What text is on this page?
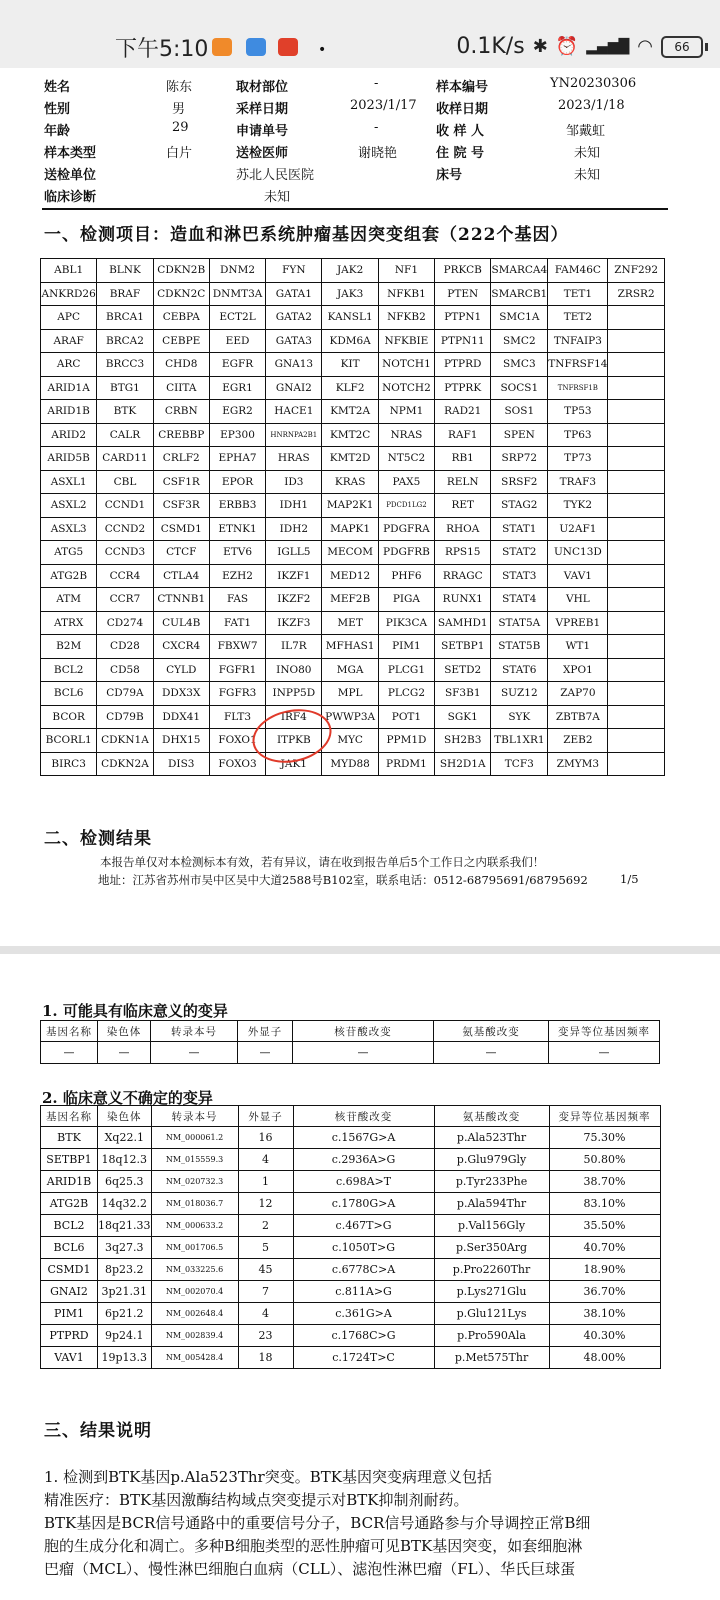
下午5:10	•	0.1K/s ✱ ⏰ ▂▄▆█ ◠	66
姓名	陈东	取材部位	-	样本编号	YN20230306
性别	男	采样日期	2023/1/17 收样日期	2023/1/18
年龄	29	申请单号	-	收 样 人	邹戴虹
样本类型	白片	送检医师	谢晓艳	住 院 号	未知
送检单位	苏北人民医院	床号	未知
临床诊断	未知
一、检测项目：造血和淋巴系统肿瘤基因突变组套（222个基因）
ABL1	BLNK	CDKN2B	DNM2	FYN	JAK2	NF1	PRKCB	SMARCA4	FAM46C	ZNF292
ANKRD26	BRAF	CDKN2C	DNMT3A	GATA1	JAK3	NFKB1	PTEN	SMARCB1	TET1	ZRSR2
APC	BRCA1	CEBPA	ECT2L	GATA2	KANSL1	NFKB2	PTPN1	SMC1A	TET2	
ARAF	BRCA2	CEBPE	EED	GATA3	KDM6A	NFKBIE	PTPN11	SMC2	TNFAIP3	
ARC	BRCC3	CHD8	EGFR	GNA13	KIT	NOTCH1	PTPRD	SMC3	TNFRSF14	
ARID1A	BTG1	CIITA	EGR1	GNAI2	KLF2	NOTCH2	PTPRK	SOCS1	TNFRSF1B	
ARID1B	BTK	CRBN	EGR2	HACE1	KMT2A	NPM1	RAD21	SOS1	TP53	
ARID2	CALR	CREBBP	EP300	HNRNPA2B1	KMT2C	NRAS	RAF1	SPEN	TP63	
ARID5B	CARD11	CRLF2	EPHA7	HRAS	KMT2D	NT5C2	RB1	SRP72	TP73	
ASXL1	CBL	CSF1R	EPOR	ID3	KRAS	PAX5	RELN	SRSF2	TRAF3	
ASXL2	CCND1	CSF3R	ERBB3	IDH1	MAP2K1	PDCD1LG2	RET	STAG2	TYK2	
ASXL3	CCND2	CSMD1	ETNK1	IDH2	MAPK1	PDGFRA	RHOA	STAT1	U2AF1	
ATG5	CCND3	CTCF	ETV6	IGLL5	MECOM	PDGFRB	RPS15	STAT2	UNC13D	
ATG2B	CCR4	CTLA4	EZH2	IKZF1	MED12	PHF6	RRAGC	STAT3	VAV1	
ATM	CCR7	CTNNB1	FAS	IKZF2	MEF2B	PIGA	RUNX1	STAT4	VHL	
ATRX	CD274	CUL4B	FAT1	IKZF3	MET	PIK3CA	SAMHD1	STAT5A	VPREB1	
B2M	CD28	CXCR4	FBXW7	IL7R	MFHAS1	PIM1	SETBP1	STAT5B	WT1	
BCL2	CD58	CYLD	FGFR1	INO80	MGA	PLCG1	SETD2	STAT6	XPO1	
BCL6	CD79A	DDX3X	FGFR3	INPP5D	MPL	PLCG2	SF3B1	SUZ12	ZAP70	
BCOR	CD79B	DDX41	FLT3	IRF4	PWWP3A	POT1	SGK1	SYK	ZBTB7A	
BCORL1	CDKN1A	DHX15	FOXO1	ITPKB	MYC	PPM1D	SH2B3	TBL1XR1	ZEB2	
BIRC3	CDKN2A	DIS3	FOXO3	JAK1	MYD88	PRDM1	SH2D1A	TCF3	ZMYM3	
二、检测结果
本报告单仅对本检测标本有效，若有异议，请在收到报告单后5个工作日之内联系我们！
地址：江苏省苏州市吴中区吴中大道2588号B102室，联系电话：0512-68795691/68795692	1/5
1. 可能具有临床意义的变异
基因名称	染色体	转录本号	外显子	核苷酸改变	氨基酸改变	变异等位基因频率
—	—	—	—	—	—	—
2. 临床意义不确定的变异
基因名称	染色体	转录本号	外显子	核苷酸改变	氨基酸改变	变异等位基因频率
BTK	Xq22.1	NM_000061.2	16	c.1567G>A	p.Ala523Thr	75.30%
SETBP1	18q12.3	NM_015559.3	4	c.2936A>G	p.Glu979Gly	50.80%
ARID1B	6q25.3	NM_020732.3	1	c.698A>T	p.Tyr233Phe	38.70%
ATG2B	14q32.2	NM_018036.7	12	c.1780G>A	p.Ala594Thr	83.10%
BCL2	18q21.33	NM_000633.2	2	c.467T>G	p.Val156Gly	35.50%
BCL6	3q27.3	NM_001706.5	5	c.1050T>G	p.Ser350Arg	40.70%
CSMD1	8p23.2	NM_033225.6	45	c.6778C>A	p.Pro2260Thr	18.90%
GNAI2	3p21.31	NM_002070.4	7	c.811A>G	p.Lys271Glu	36.70%
PIM1	6p21.2	NM_002648.4	4	c.361G>A	p.Glu121Lys	38.10%
PTPRD	9p24.1	NM_002839.4	23	c.1768C>G	p.Pro590Ala	40.30%
VAV1	19p13.3	NM_005428.4	18	c.1724T>C	p.Met575Thr	48.00%
三、结果说明

1. 检测到BTK基因p.Ala523Thr突变。BTK基因突变病理意义包括

精准医疗：BTK基因激酶结构域点突变提示对BTK抑制剂耐药。

BTK基因是BCR信号通路中的重要信号分子，BCR信号通路参与介导调控正常B细

胞的生成分化和凋亡。多种B细胞类型的恶性肿瘤可见BTK基因突变，如套细胞淋

巴瘤（MCL）、慢性淋巴细胞白血病（CLL）、滤泡性淋巴瘤（FL）、华氏巨球蛋
